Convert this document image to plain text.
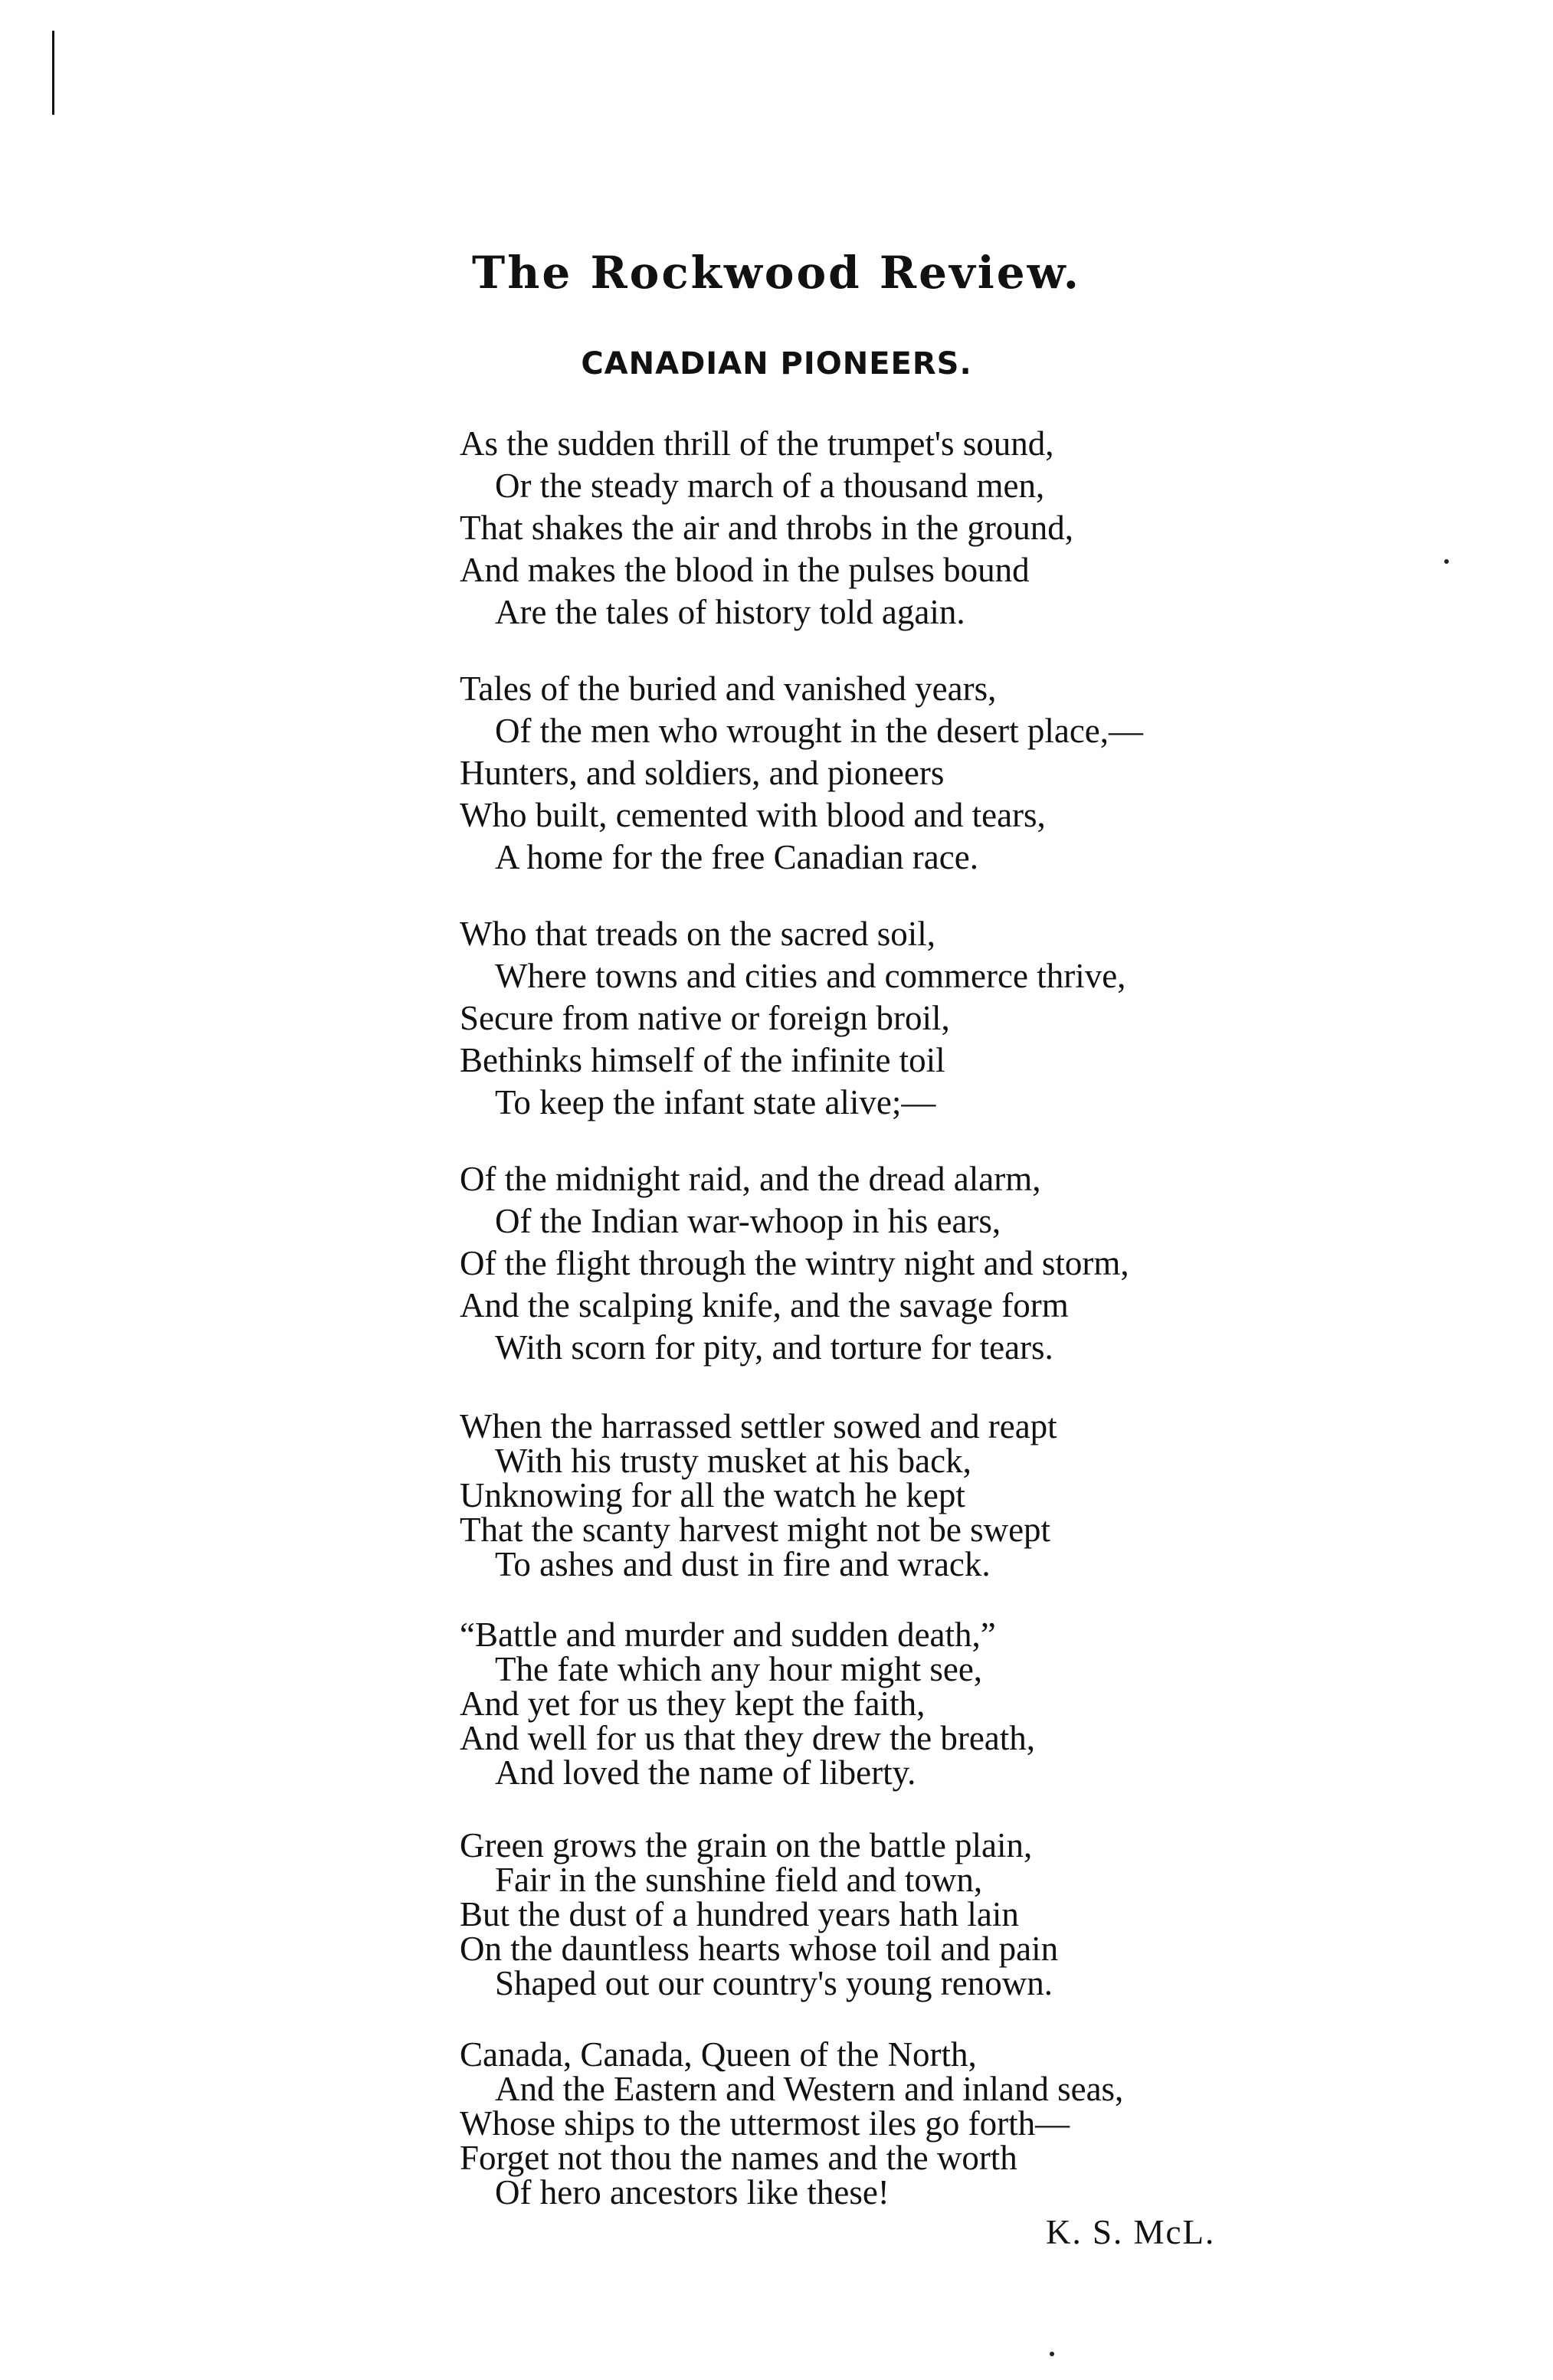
The Rockwood Review.
CANADIAN PIONEERS.
As the sudden thrill of the trumpet's sound,
Or the steady march of a thousand men,
That shakes the air and throbs in the ground,
And makes the blood in the pulses bound
Are the tales of history told again.
Tales of the buried and vanished years,
Of the men who wrought in the desert place,—
Hunters, and soldiers, and pioneers
Who built, cemented with blood and tears,
A home for the free Canadian race.
Who that treads on the sacred soil,
Where towns and cities and commerce thrive,
Secure from native or foreign broil,
Bethinks himself of the infinite toil
To keep the infant state alive;—
Of the midnight raid, and the dread alarm,
Of the Indian war-whoop in his ears,
Of the flight through the wintry night and storm,
And the scalping knife, and the savage form
With scorn for pity, and torture for tears.
When the harrassed settler sowed and reapt
With his trusty musket at his back,
Unknowing for all the watch he kept
That the scanty harvest might not be swept
To ashes and dust in fire and wrack.
“Battle and murder and sudden death,”
The fate which any hour might see,
And yet for us they kept the faith,
And well for us that they drew the breath,
And loved the name of liberty.
Green grows the grain on the battle plain,
Fair in the sunshine field and town,
But the dust of a hundred years hath lain
On the dauntless hearts whose toil and pain
Shaped out our country's young renown.
Canada, Canada, Queen of the North,
And the Eastern and Western and inland seas,
Whose ships to the uttermost iles go forth—
Forget not thou the names and the worth
Of hero ancestors like these!
K. S. McL.
